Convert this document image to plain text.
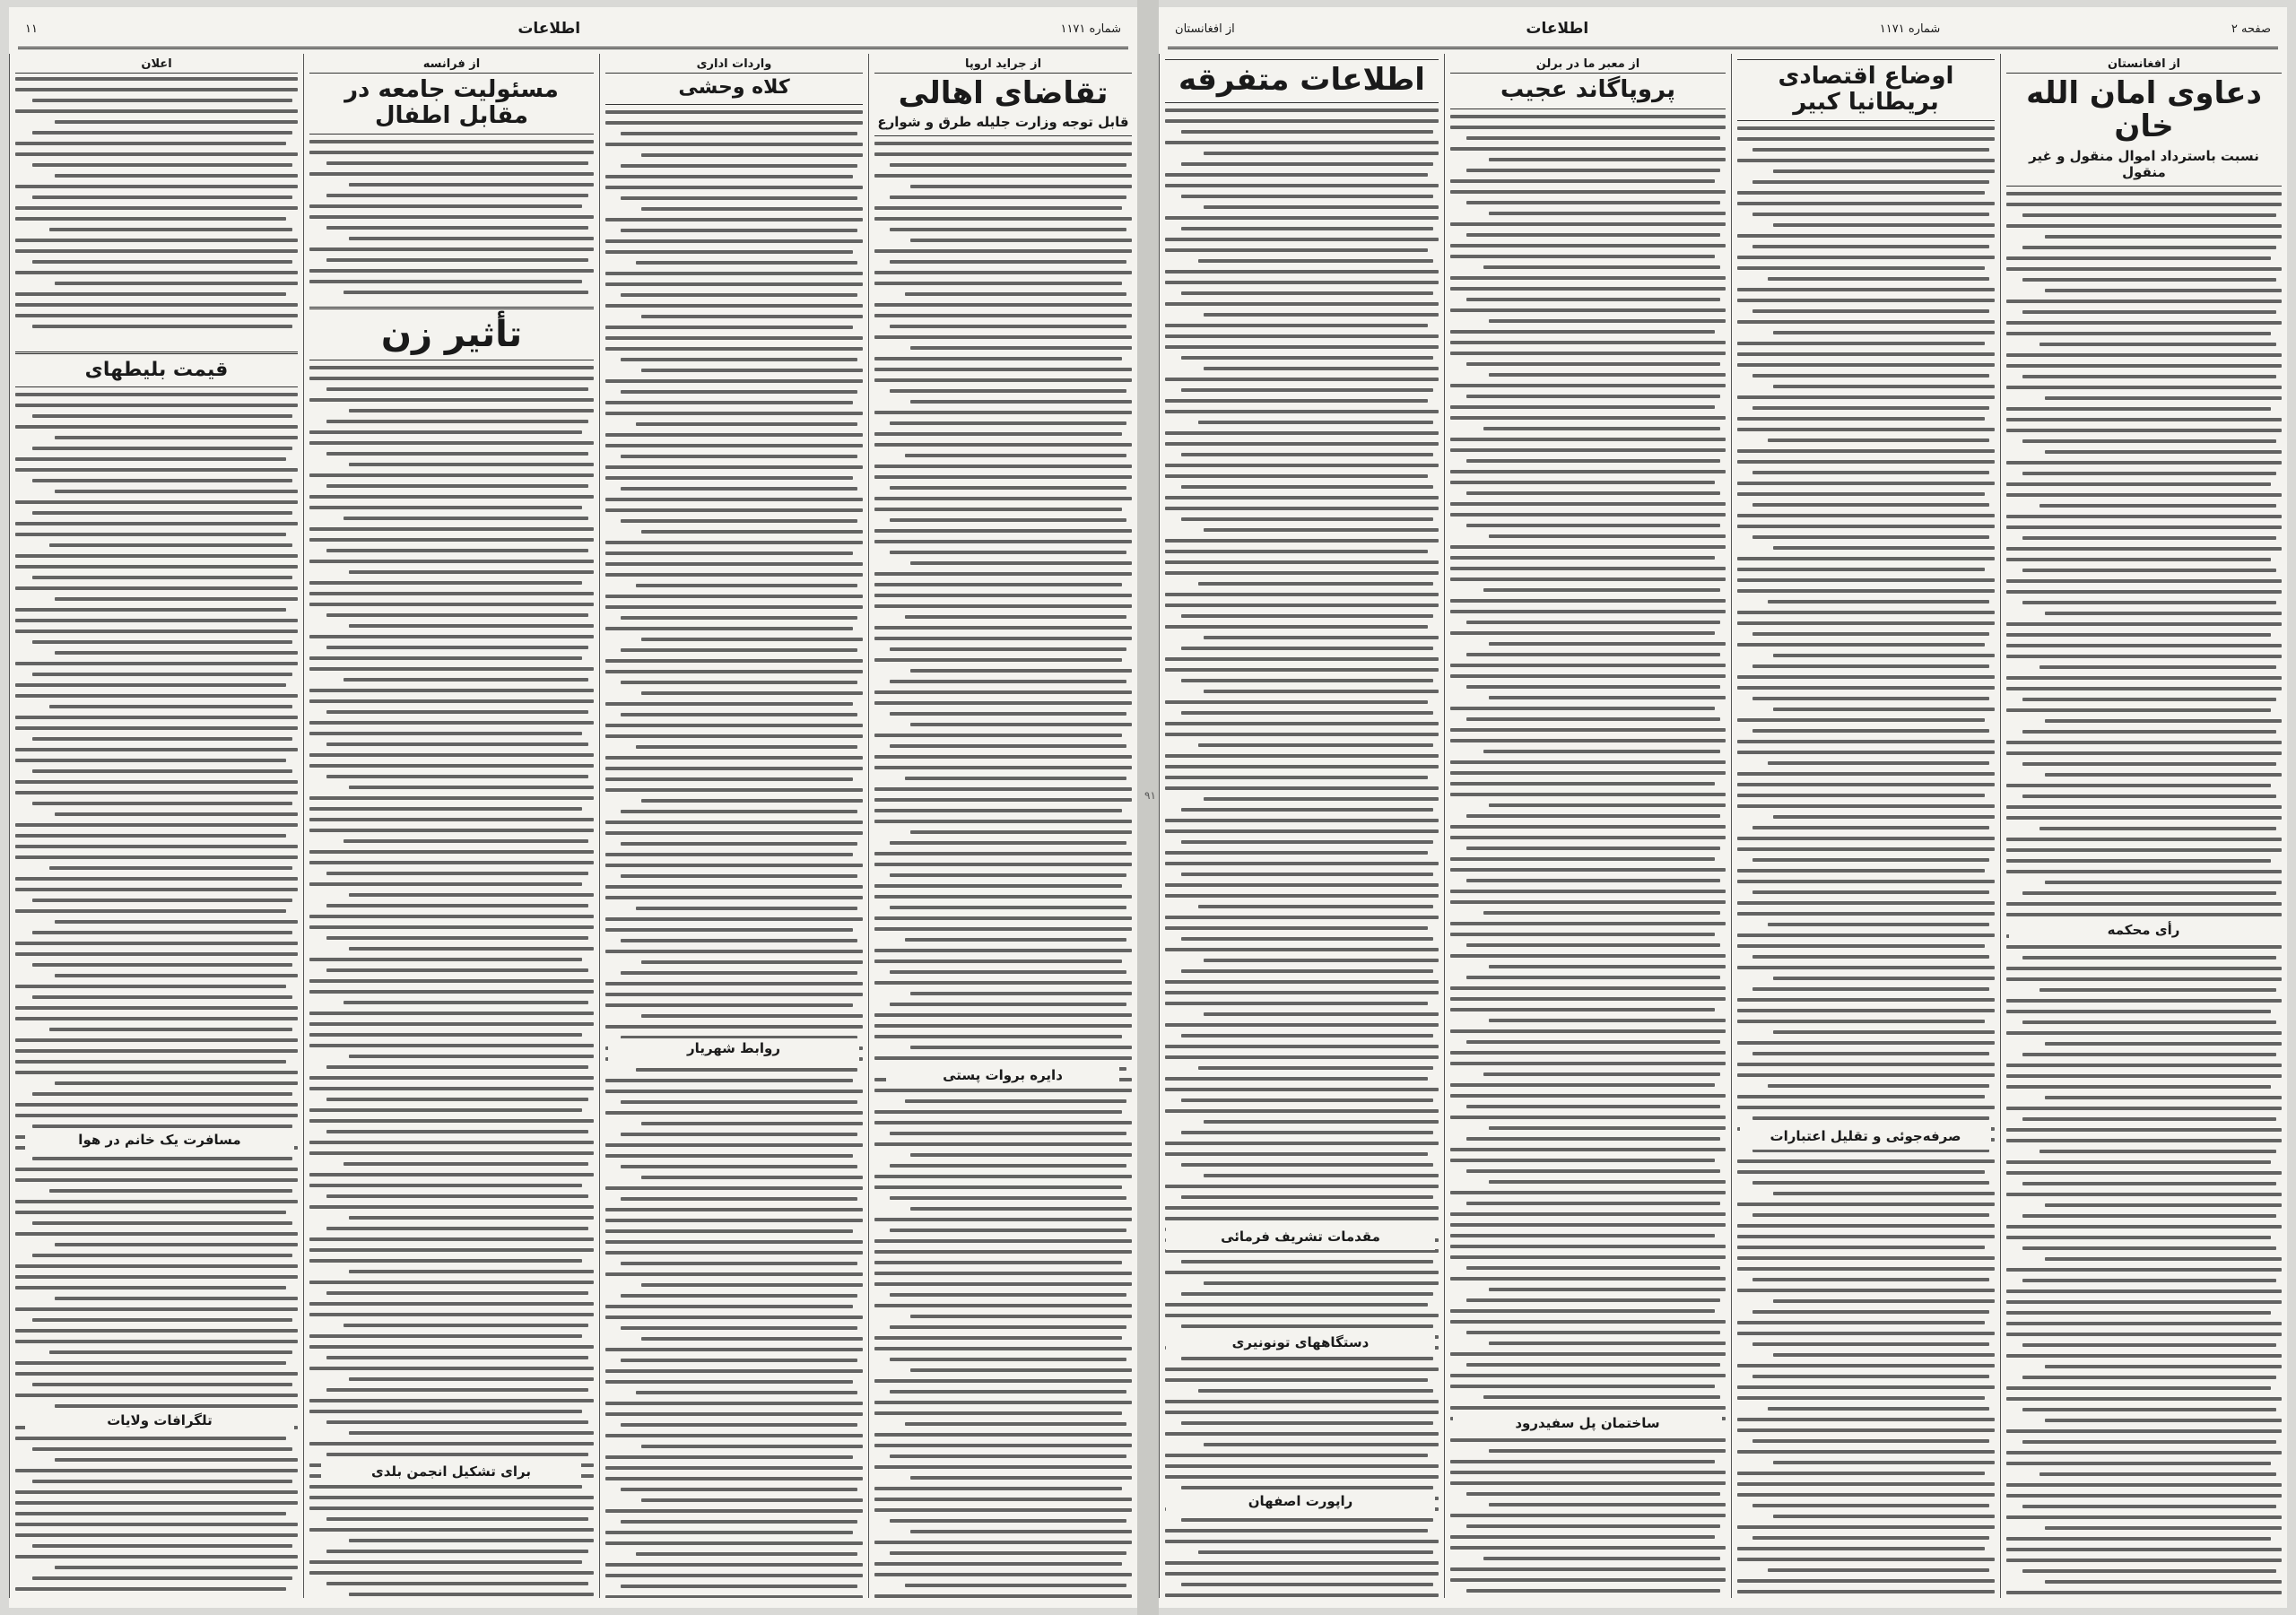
۹۱
شماره ۱۱۷۱
اطلاعات
۱۱
از جراید اروپا
تقاضای اهالی
قابل توجه وزارت جلیله طرق و شوارع
واردات اداری
کلاه وحشی
از فرانسه
مسئولیت جامعه در مقابل اطفال
تأثیر زن
اعلان
قیمت بلیطهای
روابط شهریار
مسافرت یک خانم در هوا
دایره بروات پستی
تلگرافات ولایات
برای تشکیل انجمن بلدی
صفحه ۲
شماره ۱۱۷۱
اطلاعات
از افغانستان
از افغانستان
دعاوی امان الله خان
نسبت باسترداد اموال منقول و غیر منقول
اوضاع اقتصادی بریطانیا کبیر
از معبر ما در برلن
پروپاگاند عجیب
اطلاعات متفرقه
رأی محکمه
صرفه‌جوئی و تقلیل اعتبارات
دستگاههای تونونیری
ساختمان پل سفیدرود
راپورت اصفهان
مقدمات تشریف فرمائی
